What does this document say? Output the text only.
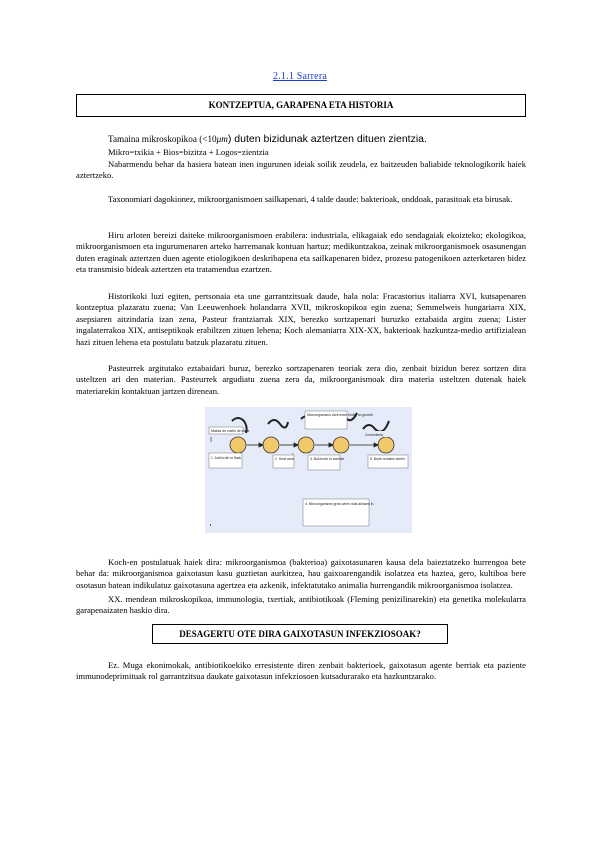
2.1.1 Sarrera
KONTZEPTUA, GARAPENA ETA HISTORIA
Tamaina mikroskopikoa (<10μm) duten bizidunak aztertzen dituen zientzia.
Mikro=txikia + Bios=bizitza + Logos=zientzia
Nabarmendu behar da hasiera batean inen ingurunen ideiak soilik zeudela, ez baitzeuden baliabide teknologikorik haiek aztertzeko.
Taxonomiari dagokionez, mikroorganismoen sailkapenari, 4 talde daude: bakterioak, onddoak, parasitoak eta birusak.
Hiru arloten bereizi daiteke mikroorganismoen erabilera: industriala, elikagaiak edo sendagaiak ekoizteko; ekologikoa, mikroorganismoen eta ingurumenaren arteko harremanak kontuan hartuz; medikuntzakoa, zeinak mikroorganismoek osasunengan duten eraginak aztertzen duen agente etiologikoen deskribapena eta sailkapenaren bidez, prozesu patogenikoen azterketaren bidez eta transmisio bideak aztertzen eta tratamendua ezartzen.
Historikoki luzi egiten, pertsonaia eta une garrantzitsuak daude, hala nola: Fracastorius italiarra XVI, kutsapenaren kontzeptua plazaratu zuena; Van Leeuwenhoek holandarra XVII, mikroskopikoa egin zuena; Semmelweis hungariarra XIX, asepsiaren aitzindaria izan zena, Pasteur frantziarrak XIX, berezko sortzapenari buruzko eztabaida argitu zuena; Lister ingalaterrakoa XIX, antiseptikoak erabiltzen zituen lehena; Koch alemaniarra XIX-XX, bakterioak hazkuntza-medio artifizialean hazi zituen lehena eta postulatu batzuk plazaratu zituen.
Pasteurrek argitutako eztabaidari buruz, berezko sortzapenaren teoriak zera dio, zenbait bizidun berez sortzen dira usteltzen ari den materian. Pasteurrek argudiatu zuena zera da, mikroorganismoak dira materia usteltzen dutenak haiek materiarekin kontaktuan jartzen direnean.
Matraz de cuello de cisne
Microorganisms dont enter broth; no growth.
Crecimiento
1. Add broth to flask.	2. Heat neck.	3. Boil broth to sterilize.	5. Broth remains sterile.
4. Microorganisms grow when dust allowed in.
Koch-en postulatuak haiek dira: mikroorganismoa (bakterioa) gaixotasunaren kausa dela baieztatzeko hurrengoa bete behar da: mikroorganismoa gaixotasun kasu guztietan aurkitzea, hau gaixoarengandik isolatzea eta haztea, gero, kultiboa bere osotasun batean indikulatuz gaixotasuna agertzea eta azkenik, infektatutako animalia hurrengandik mikroorganismoa isolatzea.
XX. mendean mikroskopikoa, immunologia, txertiak, antibiotikoak (Fleming penizilinarekin) eta genetika molekularra garapenaizaten haskio dira.
DESAGERTU OTE DIRA GAIXOTASUN INFEKZIOSOAK?
Ez. Muga ekonimokak, antibiotikoekiko erresistente diren zenbait bakterioek, gaixotasun agente berriak eta paziente immunodeprimituak rol garrantzitsua daukate gaixotasun infekziosoen kutsadurarako eta hazkuntzarako.
